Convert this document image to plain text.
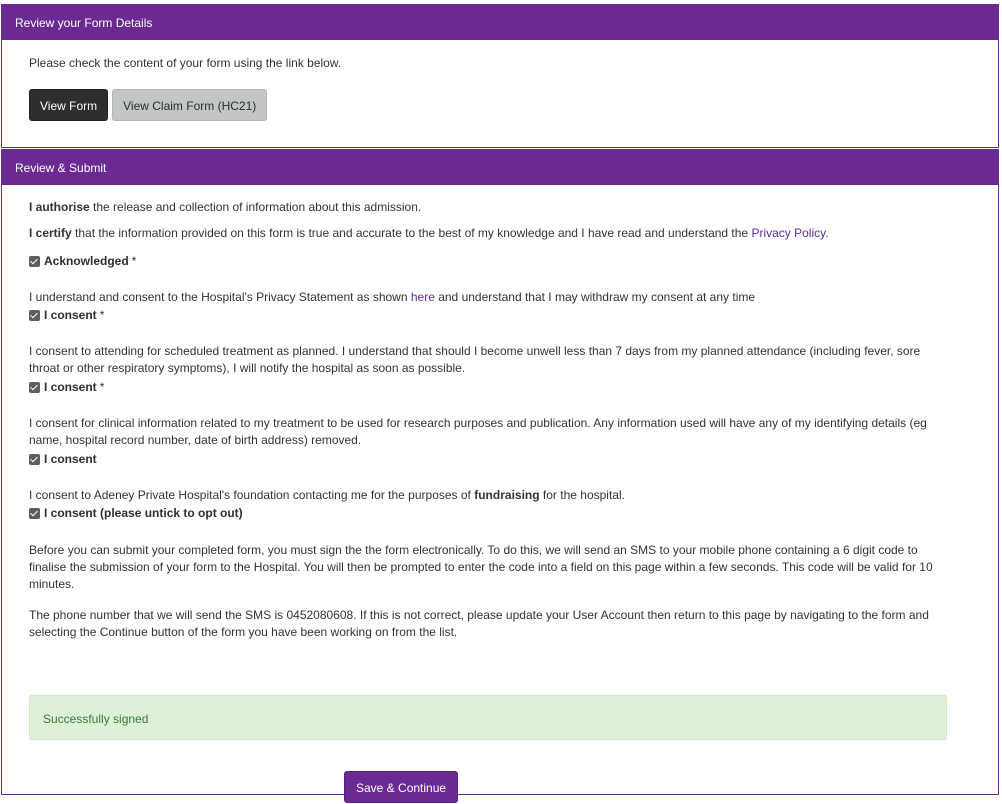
Review your Form Details

Please check the content of your form using the link below.

View Form	View Claim Form (HC21)
Review & Submit

I authorise the release and collection of information about this admission.

I certify that the information provided on this form is true and accurate to the best of my knowledge and I have read and understand the Privacy Policy.

Acknowledged *

I understand and consent to the Hospital's Privacy Statement as shown here and understand that I may withdraw my consent at any time

I consent *

I consent to attending for scheduled treatment as planned. I understand that should I become unwell less than 7 days from my planned attendance (including fever, sore throat or other respiratory symptoms), I will notify the hospital as soon as possible.

I consent *

I consent for clinical information related to my treatment to be used for research purposes and publication. Any information used will have any of my identifying details (eg name, hospital record number, date of birth address) removed.

I consent

I consent to Adeney Private Hospital's foundation contacting me for the purposes of fundraising for the hospital.

I consent (please untick to opt out)

Before you can submit your completed form, you must sign the the form electronically. To do this, we will send an SMS to your mobile phone containing a 6 digit code to finalise the submission of your form to the Hospital. You will then be prompted to enter the code into a field on this page within a few seconds. This code will be valid for 10 minutes.

The phone number that we will send the SMS is 0452080608. If this is not correct, please update your User Account then return to this page by navigating to the form and selecting the Continue button of the form you have been working on from the list.

Successfully signed
Save & Continue
